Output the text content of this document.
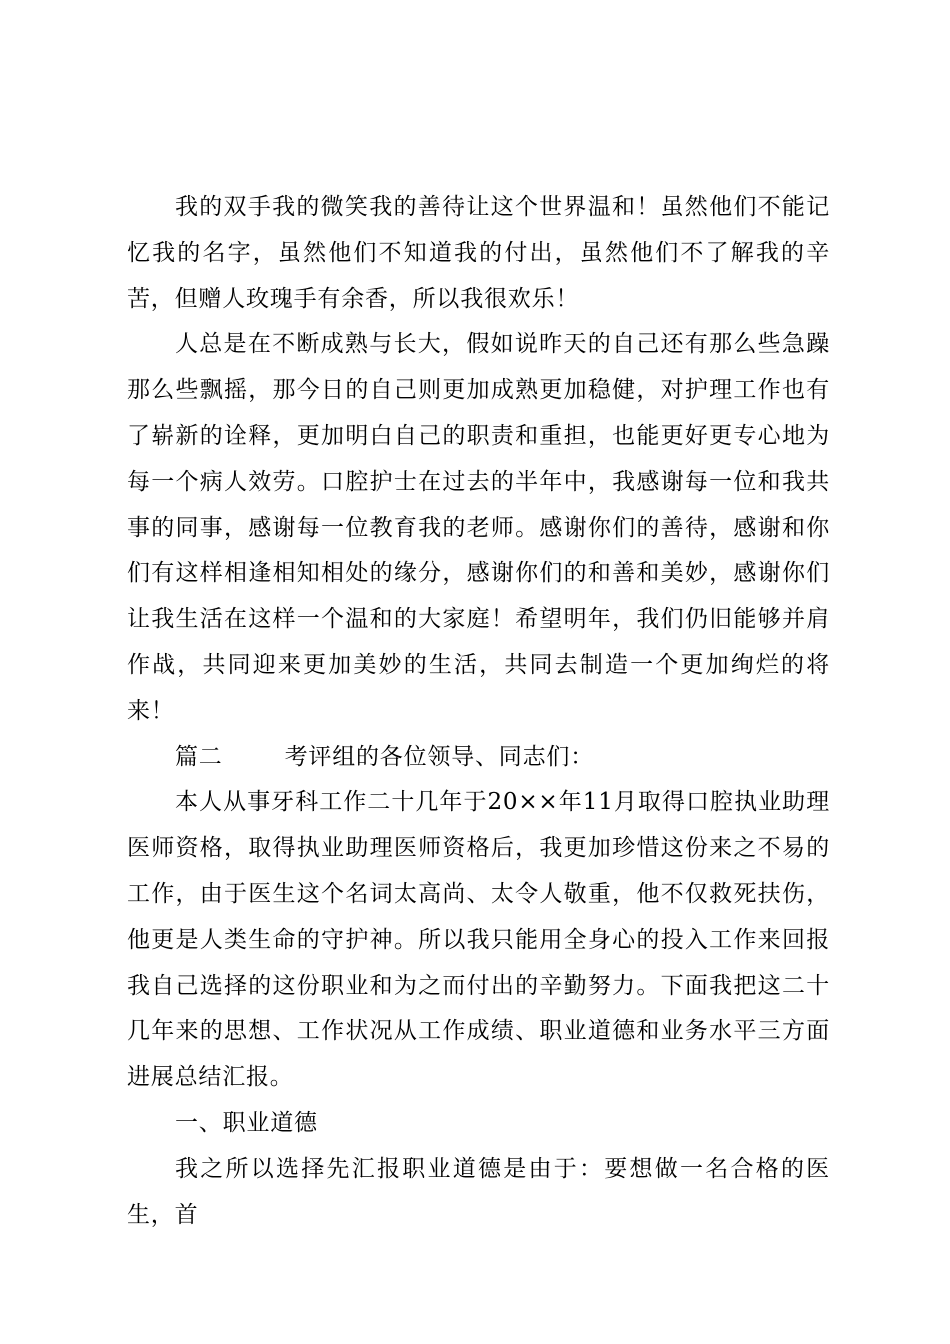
我的双手我的微笑我的善待让这个世界温和！虽然他们不能记忆我的名字，虽然他们不知道我的付出，虽然他们不了解我的辛苦，但赠人玫瑰手有余香，所以我很欢乐！

人总是在不断成熟与长大，假如说昨天的自己还有那么些急躁那么些飘摇，那今日的自己则更加成熟更加稳健，对护理工作也有了崭新的诠释，更加明白自己的职责和重担，也能更好更专心地为每一个病人效劳。口腔护士在过去的半年中，我感谢每一位和我共事的同事，感谢每一位教育我的老师。感谢你们的善待，感谢和你们有这样相逢相知相处的缘分，感谢你们的和善和美妙，感谢你们让我生活在这样一个温和的大家庭！希望明年，我们仍旧能够并肩作战，共同迎来更加美妙的生活，共同去制造一个更加绚烂的将来！

篇二	考评组的各位领导、同志们：

本人从事牙科工作二十几年于20××年11月取得口腔执业助理医师资格，取得执业助理医师资格后，我更加珍惜这份来之不易的工作，由于医生这个名词太高尚、太令人敬重，他不仅救死扶伤，他更是人类生命的守护神。所以我只能用全身心的投入工作来回报我自己选择的这份职业和为之而付出的辛勤努力。下面我把这二十几年来的思想、工作状况从工作成绩、职业道德和业务水平三方面进展总结汇报。

一、职业道德

我之所以选择先汇报职业道德是由于：要想做一名合格的医生，首
